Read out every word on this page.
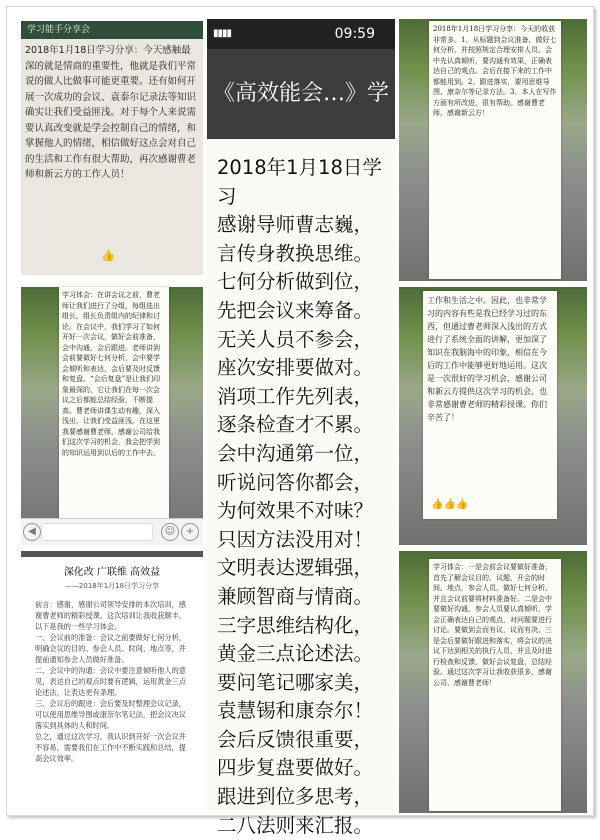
学习能手分享会
2018年1月18日学习分享：今天感触最深的就是情商的重要性，他就是我们平常说的做人比做事可能更重要。还有如何开展一次成功的会议、袁泰尔记录法等知识确实让我们受益匪浅。对于每个人来说需要认真改变就是学会控制自己的情绪，和掌握他人的情绪，相信做好这点会对自己的生活和工作有很大帮助，再次感谢曹老师和新云方的工作人员！
👍
▮▮▮▮	09:59
《高效能会…》学
2018年1月18日学习
感谢导师曹志巍，
言传身教换思维。
七何分析做到位，
先把会议来筹备。
无关人员不参会，
座次安排要做对。
消项工作先列表，
逐条检查才不累。
会中沟通第一位，
听说问答你都会，
为何效果不对味？
只因方法没用对！
文明表达逻辑强，
兼顾智商与情商。
三字思维结构化，
黄金三点论述法。
要问笔记哪家美，
袁慧锡和康奈尔！
会后反馈很重要，
四步复盘要做好。
跟进到位多思考，
二八法则来汇报。
2018年1月18日学习分享：今天的收获非常多。1、从标题到会议准备，做好七何分析，并按照规定合理安排人员。会中先认真倾听，要沟通有效果，正确表达自己的观点。会后在接下来的工作中都能用到。2、跟进落实，要用思维导图、康奈尔等记录方法。3、本人在写作方面有所改进，很有帮助。感谢曹老师，感谢新云方！
学习体会：在讲会议之前，曹老师让我们进行了分组，每组选出组长，组长负责组内的纪律和讨论。在会议中，我们学习了如何开好一次会议，做好会前准备，会中沟通，会后跟进。老师讲到会前要做好七何分析，会中要学会倾听和表达，会后要及时反馈和复盘。“会后复盘”是让我们印象最深的，它让我们在每一次会议之后都能总结经验，不断提高。曹老师讲课生动有趣，深入浅出，让我们受益匪浅。在这里我要感谢曹老师，感谢公司给我们这次学习的机会，我会把学到的知识运用到以后的工作中去。
◀	☺	+
工作和生活之中。因此，也非常学习的内容有些是我已经学习过的东西，但通过曹老师深入浅出的方式进行了系统全面的讲解，更加深了知识在我脑海中的印象，相信在今后的工作中能够更好地运用。这次是一次很好的学习机会，感谢公司和新云方提供这次学习的机会，也非常感谢曹老师的精彩授课。你们辛苦了！
👍👍👍
深化改 广联维 高效益
——2018年1月18日学习分享
前言：感谢，感谢公司领导安排的本次培训，感谢曹老师的精彩授课。这次培训让我收获颇丰，以下是我的一些学习体会。
一、会议前的准备：会议之前要做好七何分析，明确会议的目的、参会人员、时间、地点等，并提前通知参会人员做好准备。
二、会议中的沟通：会议中要注意倾听他人的意见，表达自己的观点时要有逻辑，运用黄金三点论述法，让表达更有条理。
三、会议后的跟进：会后要及时整理会议记录，可以使用思维导图或康奈尔笔记法，把会议决议落实到具体的人和时间。
总之，通过这次学习，我认识到开好一次会议并不容易，需要我们在工作中不断实践和总结，提高会议效率。
学习体会：一是会前会议要做好准备，首先了解会议目的、议题，开会的时间、地点，参会人员，做好七何分析，并且会议前要将材料准备好。二是会中要做好沟通，参会人员要认真倾听，学会正确表达自己的观点，对问题要进行讨论。要做到会而有议，议而有决。三是会后要做好跟进和落实，将会议的决议下达到相关的执行人员，并且及时进行检查和反馈，做好会议复盘，总结经验。通过这次学习让我收获很多，感谢公司、感谢曹老师！
